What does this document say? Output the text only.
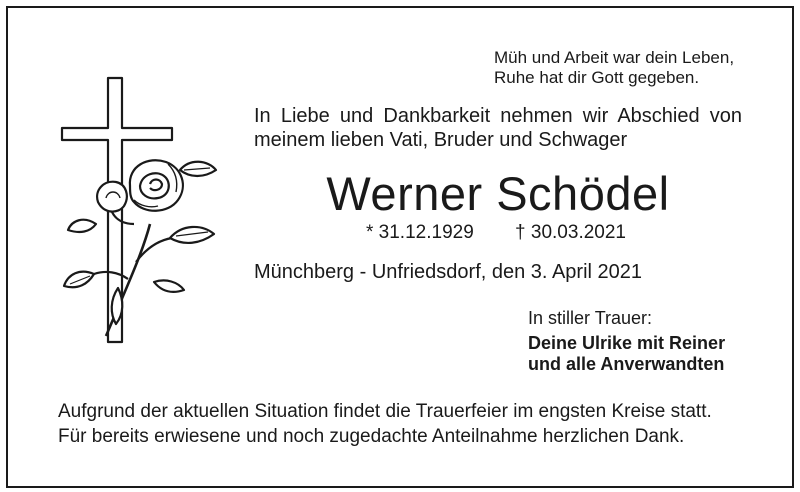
Müh und Arbeit war dein Leben,
Ruhe hat dir Gott gegeben.
In Liebe und Dankbarkeit nehmen wir Abschied von
meinem lieben Vati, Bruder und Schwager
Werner Schödel
* 31.12.1929 † 30.03.2021
Münchberg - Unfriedsdorf, den 3. April 2021
In stiller Trauer:
Deine Ulrike mit Reiner
und alle Anverwandten
Aufgrund der aktuellen Situation findet die Trauerfeier im engsten Kreise statt.
Für bereits erwiesene und noch zugedachte Anteilnahme herzlichen Dank.
